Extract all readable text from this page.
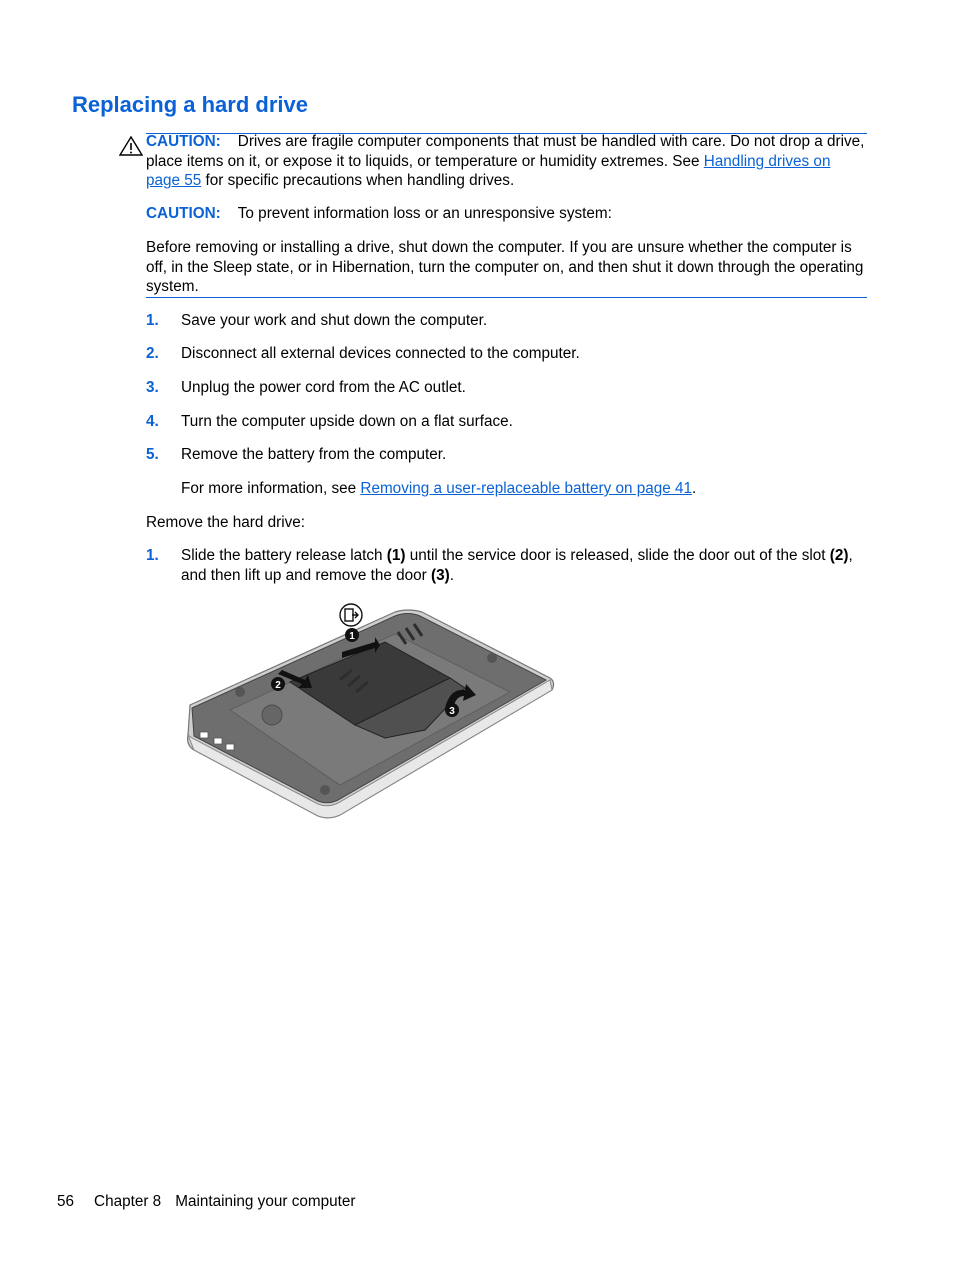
Replacing a hard drive
CAUTION: Drives are fragile computer components that must be handled with care. Do not drop a drive, place items on it, or expose it to liquids, or temperature or humidity extremes. See Handling drives on page 55 for specific precautions when handling drives.
CAUTION: To prevent information loss or an unresponsive system:
Before removing or installing a drive, shut down the computer. If you are unsure whether the computer is off, in the Sleep state, or in Hibernation, turn the computer on, and then shut it down through the operating system.
1. Save your work and shut down the computer.
2. Disconnect all external devices connected to the computer.
3. Unplug the power cord from the AC outlet.
4. Turn the computer upside down on a flat surface.
5. Remove the battery from the computer.
For more information, see Removing a user-replaceable battery on page 41.
Remove the hard drive:
1. Slide the battery release latch (1) until the service door is released, slide the door out of the slot (2), and then lift up and remove the door (3).
1
2
3
56 Chapter 8 Maintaining your computer
